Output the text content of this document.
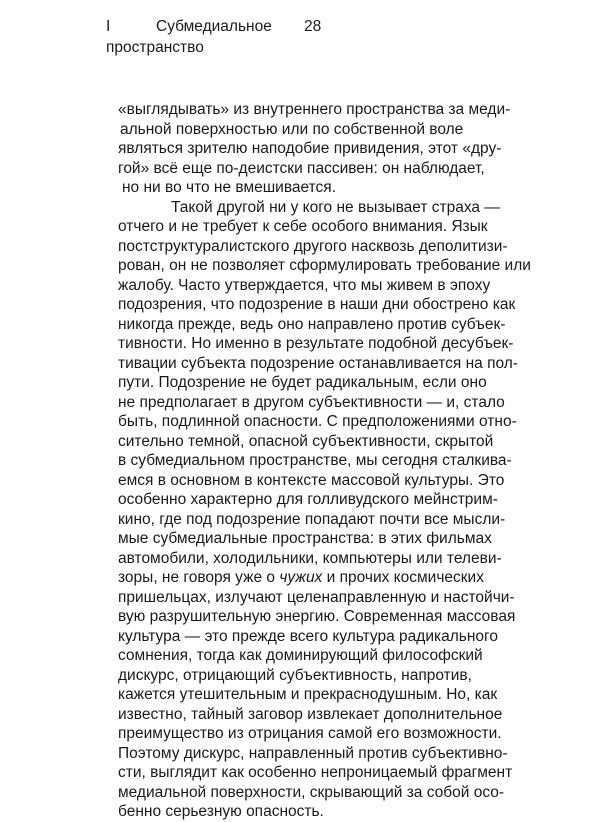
I	Субмедиальное
пространство
28
«выглядывать» из внутреннего пространства за меди-
альной поверхностью или по собственной воле
являться зрителю наподобие привидения, этот «дру-
гой» всё еще по-деистски пассивен: он наблюдает,
но ни во что не вмешивается.
Такой другой ни у кого не вызывает страха —
отчего и не требует к себе особого внимания. Язык
постструктуралистского другого насквозь деполитизи-
рован, он не позволяет сформулировать требование или
жалобу. Часто утверждается, что мы живем в эпоху
подозрения, что подозрение в наши дни обострено как
никогда прежде, ведь оно направлено против субъек-
тивности. Но именно в результате подобной десубъек-
тивации субъекта подозрение останавливается на пол-
пути. Подозрение не будет радикальным, если оно
не предполагает в другом субъективности — и, стало
быть, подлинной опасности. С предположениями отно-
сительно темной, опасной субъективности, скрытой
в субмедиальном пространстве, мы сегодня сталкива-
емся в основном в контексте массовой культуры. Это
особенно характерно для голливудского мейнстрим-
кино, где под подозрение попадают почти все мысли-
мые субмедиальные пространства: в этих фильмах
автомобили, холодильники, компьютеры или телеви-
зоры, не говоря уже о чужих и прочих космических
пришельцах, излучают целенаправленную и настойчи-
вую разрушительную энергию. Современная массовая
культура — это прежде всего культура радикального
сомнения, тогда как доминирующий философский
дискурс, отрицающий субъективность, напротив,
кажется утешительным и прекраснодушным. Но, как
известно, тайный заговор извлекает дополнительное
преимущество из отрицания самой его возможности.
Поэтому дискурс, направленный против субъективно-
сти, выглядит как особенно непроницаемый фрагмент
медиальной поверхности, скрывающий за собой осо-
бенно серьезную опасность.
